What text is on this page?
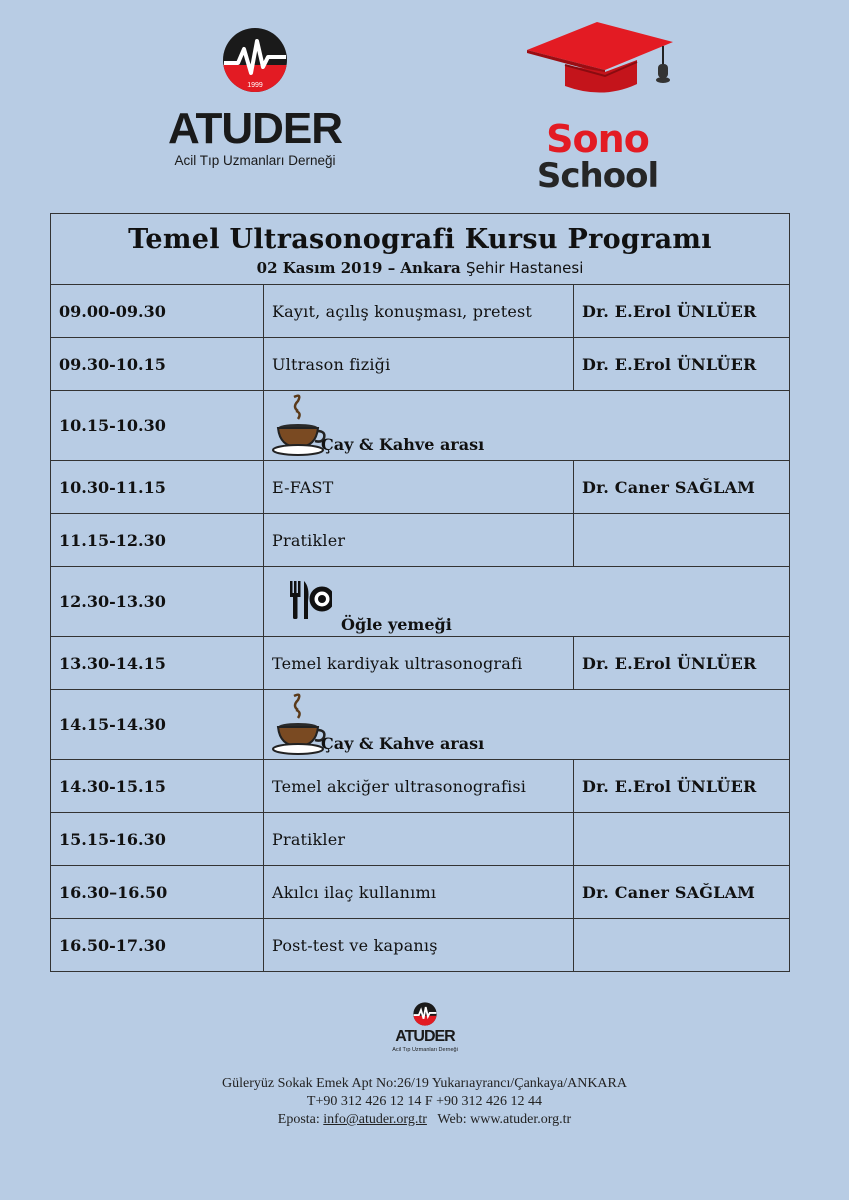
1999
ATUDER
Acil Tıp Uzmanları Derneği	Sono
School
Temel Ultrasonografi Kursu Programı
02 Kasım 2019 – Ankara Şehir Hastanesi		

09.00-09.30	Kayıt, açılış konuşması, pretest	Dr. E.Erol ÜNLÜER
09.30-10.15	Ultrason fiziği	Dr. E.Erol ÜNLÜER
10.15-10.30	Çay & Kahve arası	

10.30-11.15	E-FAST	Dr. Caner SAĞLAM
11.15-12.30	Pratikler	
12.30-13.30	Öğle yemeği	

13.30-14.15	Temel kardiyak ultrasonografi	Dr. E.Erol ÜNLÜER
14.15-14.30	Çay & Kahve arası	

14.30-15.15	Temel akciğer ultrasonografisi	Dr. E.Erol ÜNLÜER
15.15-16.30	Pratikler	
16.30–16.50	Akılcı ilaç kullanımı	Dr. Caner SAĞLAM
16.50-17.30	Post-test ve kapanış	
ATUDER
Acil Tıp Uzmanları Derneği
Güleryüz Sokak Emek Apt No:26/19 Yukarıayrancı/Çankaya/ANKARA
T+90 312 426 12 14 F +90 312 426 12 44
Eposta: info@atuder.org.tr Web: www.atuder.org.tr
